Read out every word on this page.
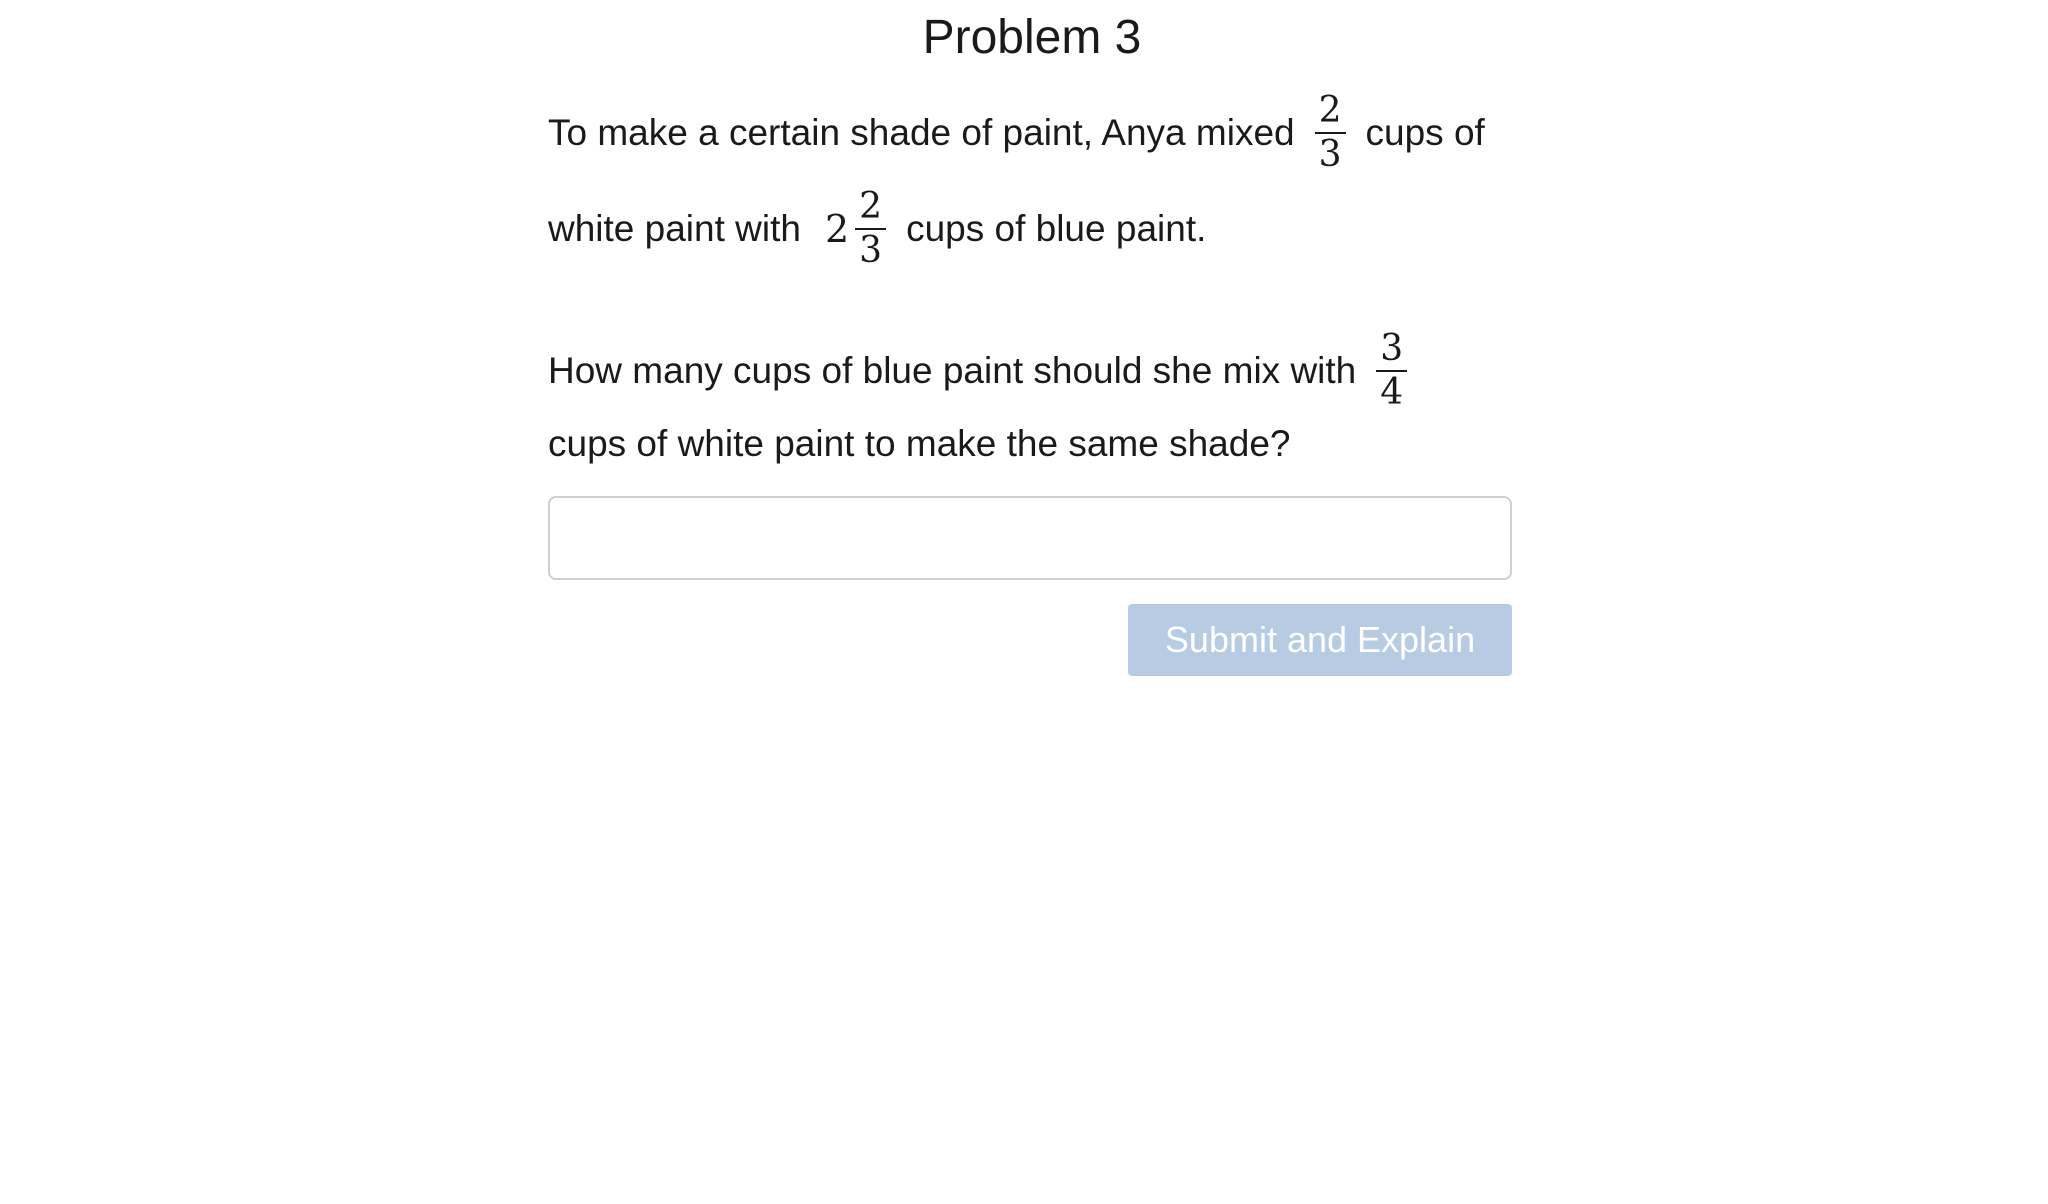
Problem 3
To make a certain shade of paint, Anya mixed $\frac{2}{3}$ cups of
white paint with $2 \frac{2}{3}$ cups of blue paint.
How many cups of blue paint should she mix with $\frac{3}{4}$
cups of white paint to make the same shade?
Submit and Explain
